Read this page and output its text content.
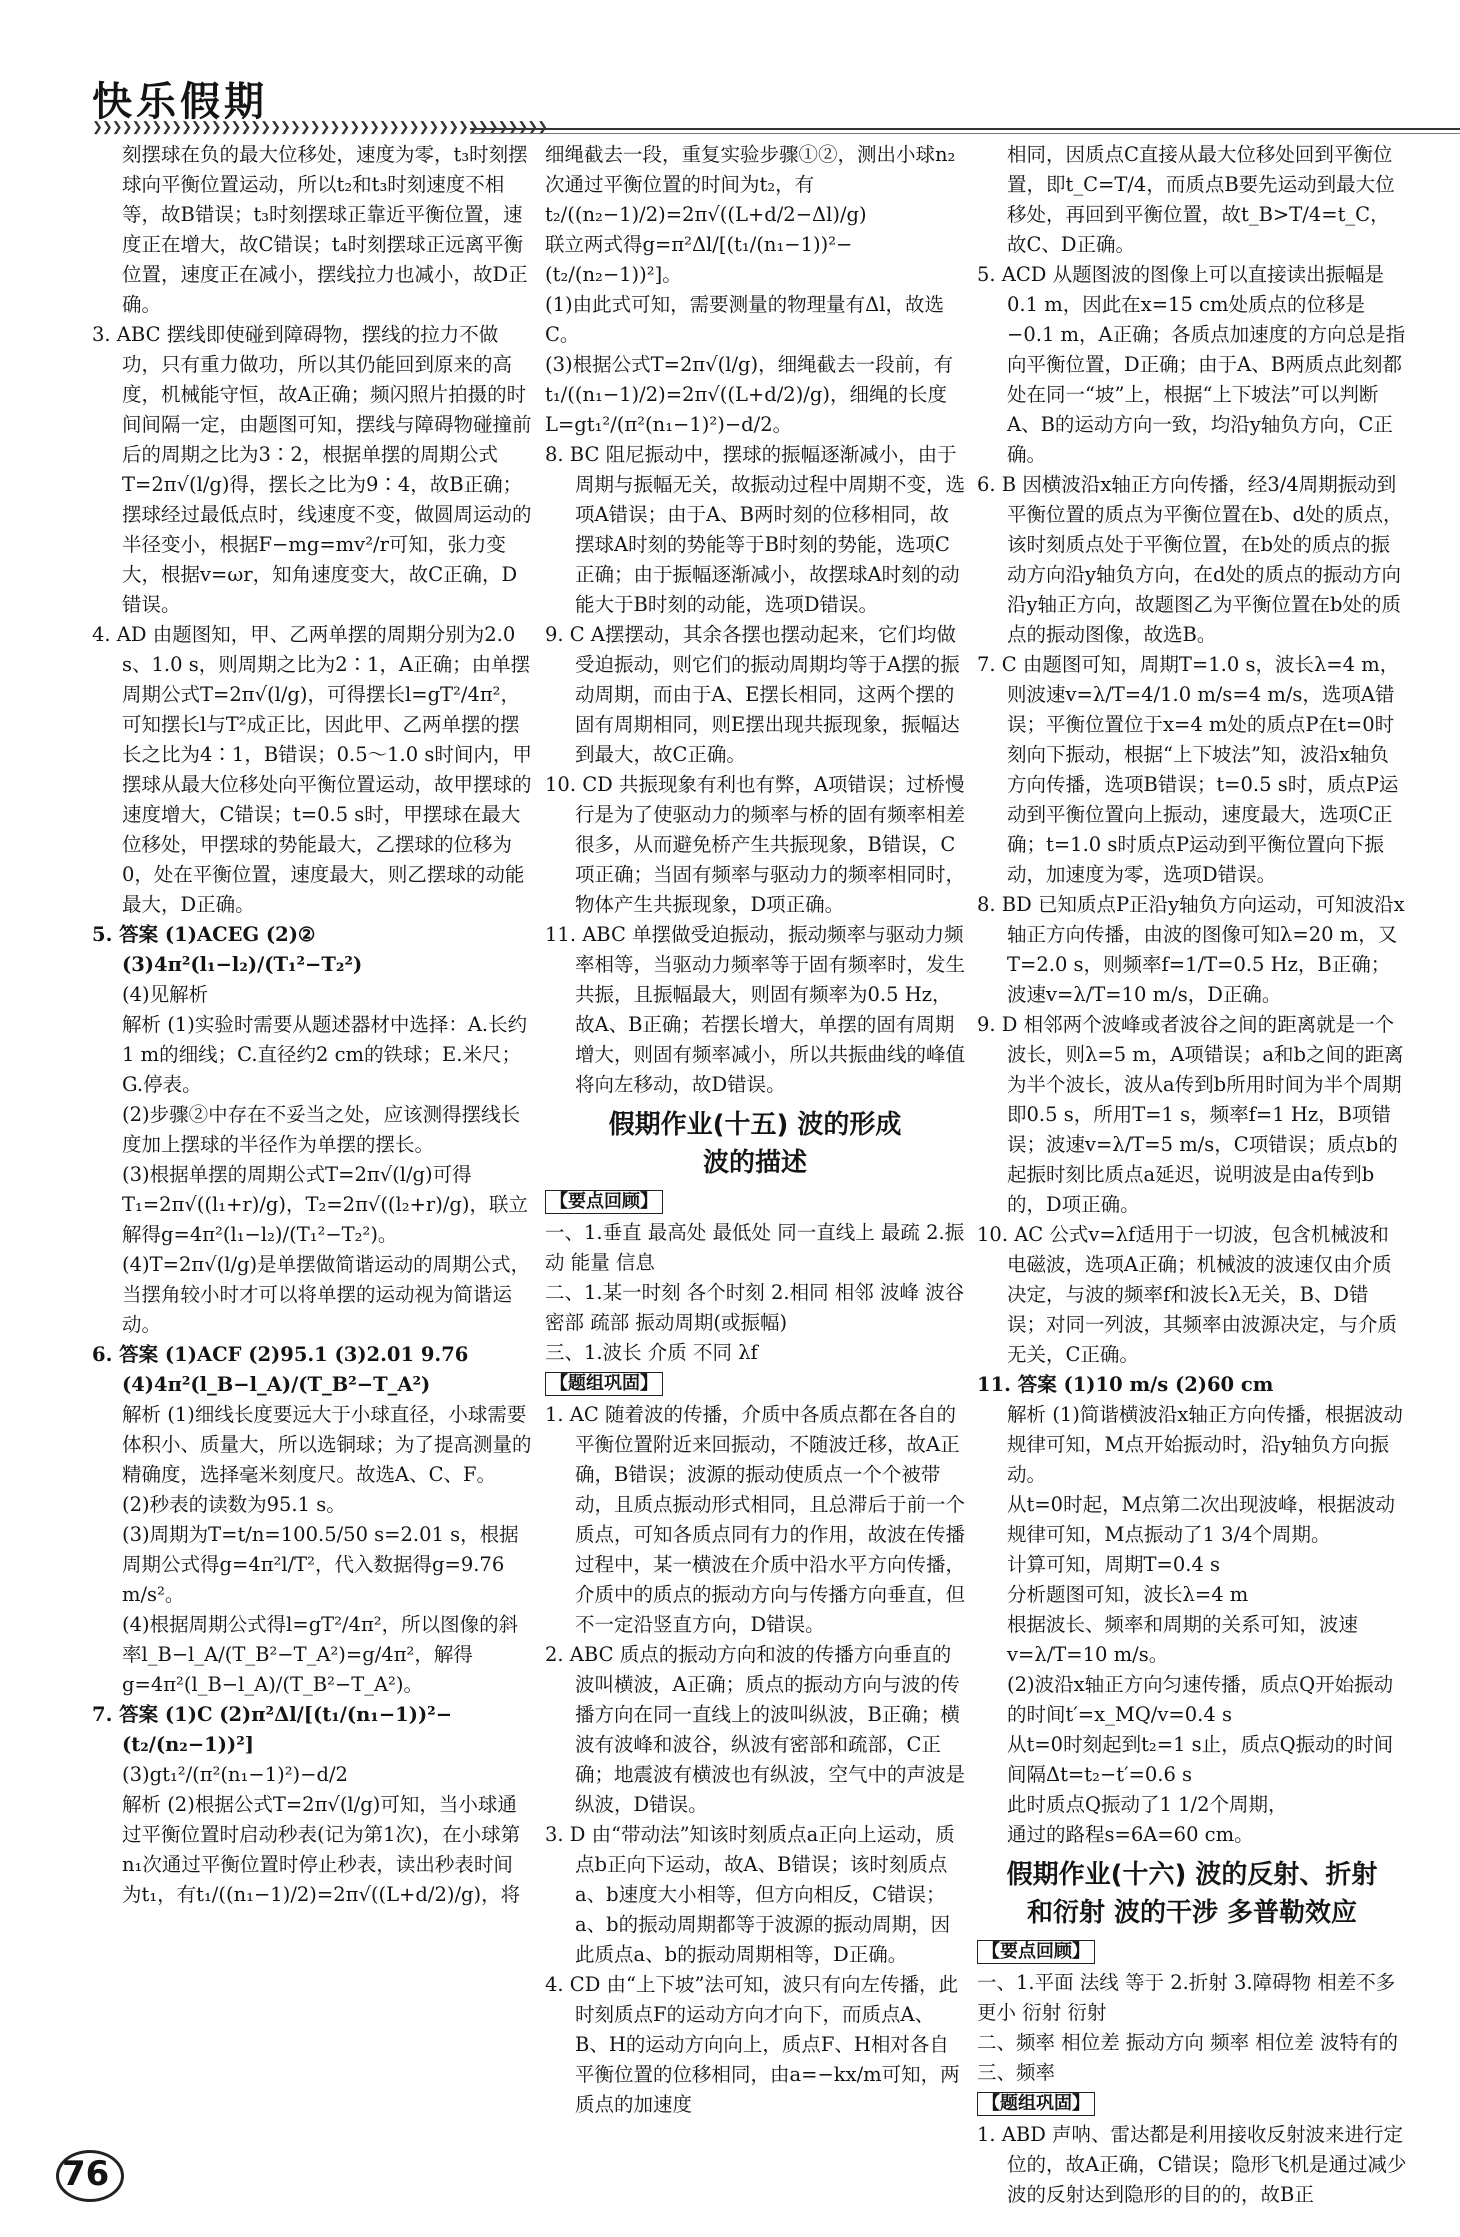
快乐假期
❯❯❯❯❯❯❯❯❯❯❯❯❯❯❯❯❯❯❯❯❯❯❯❯❯❯❯❯❯❯❯❯❯❯❯❯❯❯❯❯❯❯❯❯❯❯

刻摆球在负的最大位移处，速度为零，t₃时刻摆球向平衡位置运动，所以t₂和t₃时刻速度不相等，故B错误；t₃时刻摆球正靠近平衡位置，速度正在增大，故C错误；t₄时刻摆球正远离平衡位置，速度正在减小，摆线拉力也减小，故D正确。

3. ABC 摆线即使碰到障碍物，摆线的拉力不做功，只有重力做功，所以其仍能回到原来的高度，机械能守恒，故A正确；频闪照片拍摄的时间间隔一定，由题图可知，摆线与障碍物碰撞前后的周期之比为3∶2，根据单摆的周期公式T=2π√(l/g)得，摆长之比为9∶4，故B正确；摆球经过最低点时，线速度不变，做圆周运动的半径变小，根据F−mg=mv²/r可知，张力变大，根据v=ωr，知角速度变大，故C正确，D错误。

4. AD 由题图知，甲、乙两单摆的周期分别为2.0 s、1.0 s，则周期之比为2∶1，A正确；由单摆周期公式T=2π√(l/g)，可得摆长l=gT²/4π²，可知摆长l与T²成正比，因此甲、乙两单摆的摆长之比为4∶1，B错误；0.5～1.0 s时间内，甲摆球从最大位移处向平衡位置运动，故甲摆球的速度增大，C错误；t=0.5 s时，甲摆球在最大位移处，甲摆球的势能最大，乙摆球的位移为0，处在平衡位置，速度最大，则乙摆球的动能最大，D正确。

5. 答案 (1)ACEG (2)② (3)4π²(l₁−l₂)/(T₁²−T₂²)

(4)见解析

解析 (1)实验时需要从题述器材中选择：A.长约1 m的细线；C.直径约2 cm的铁球；E.米尺；G.停表。

(2)步骤②中存在不妥当之处，应该测得摆线长度加上摆球的半径作为单摆的摆长。

(3)根据单摆的周期公式T=2π√(l/g)可得T₁=2π√((l₁+r)/g)，T₂=2π√((l₂+r)/g)，联立解得g=4π²(l₁−l₂)/(T₁²−T₂²)。

(4)T=2π√(l/g)是单摆做简谐运动的周期公式，当摆角较小时才可以将单摆的运动视为简谐运动。

6. 答案 (1)ACF (2)95.1 (3)2.01 9.76 (4)4π²(l_B−l_A)/(T_B²−T_A²)

解析 (1)细线长度要远大于小球直径，小球需要体积小、质量大，所以选铜球；为了提高测量的精确度，选择毫米刻度尺。故选A、C、F。

(2)秒表的读数为95.1 s。

(3)周期为T=t/n=100.5/50 s=2.01 s，根据周期公式得g=4π²l/T²，代入数据得g=9.76 m/s²。

(4)根据周期公式得l=gT²/4π²，所以图像的斜率l_B−l_A/(T_B²−T_A²)=g/4π²，解得g=4π²(l_B−l_A)/(T_B²−T_A²)。

7. 答案 (1)C (2)π²Δl/[(t₁/(n₁−1))²−(t₂/(n₂−1))²]

(3)gt₁²/(π²(n₁−1)²)−d/2

解析 (2)根据公式T=2π√(l/g)可知，当小球通过平衡位置时启动秒表(记为第1次)，在小球第n₁次通过平衡位置时停止秒表，读出秒表时间为t₁，有t₁/((n₁−1)/2)=2π√((L+d/2)/g)，将

细绳截去一段，重复实验步骤①②，测出小球n₂次通过平衡位置的时间为t₂，有t₂/((n₂−1)/2)=2π√((L+d/2−Δl)/g)

联立两式得g=π²Δl/[(t₁/(n₁−1))²−(t₂/(n₂−1))²]。

(1)由此式可知，需要测量的物理量有Δl，故选C。

(3)根据公式T=2π√(l/g)，细绳截去一段前，有t₁/((n₁−1)/2)=2π√((L+d/2)/g)，细绳的长度L=gt₁²/(π²(n₁−1)²)−d/2。

8. BC 阻尼振动中，摆球的振幅逐渐减小，由于周期与振幅无关，故振动过程中周期不变，选项A错误；由于A、B两时刻的位移相同，故摆球A时刻的势能等于B时刻的势能，选项C正确；由于振幅逐渐减小，故摆球A时刻的动能大于B时刻的动能，选项D错误。

9. C A摆摆动，其余各摆也摆动起来，它们均做受迫振动，则它们的振动周期均等于A摆的振动周期，而由于A、E摆长相同，这两个摆的固有周期相同，则E摆出现共振现象，振幅达到最大，故C正确。

10. CD 共振现象有利也有弊，A项错误；过桥慢行是为了使驱动力的频率与桥的固有频率相差很多，从而避免桥产生共振现象，B错误，C项正确；当固有频率与驱动力的频率相同时，物体产生共振现象，D项正确。

11. ABC 单摆做受迫振动，振动频率与驱动力频率相等，当驱动力频率等于固有频率时，发生共振，且振幅最大，则固有频率为0.5 Hz，故A、B正确；若摆长增大，单摆的固有周期增大，则固有频率减小，所以共振曲线的峰值将向左移动，故D错误。

假期作业(十五) 波的形成
波的描述
【要点回顾】

一、1.垂直 最高处 最低处 同一直线上 最疏 2.振动 能量 信息

二、1.某一时刻 各个时刻 2.相同 相邻 波峰 波谷 密部 疏部 振动周期(或振幅)

三、1.波长 介质 不同 λf

【题组巩固】

1. AC 随着波的传播，介质中各质点都在各自的平衡位置附近来回振动，不随波迁移，故A正确，B错误；波源的振动使质点一个个被带动，且质点振动形式相同，且总滞后于前一个质点，可知各质点同有力的作用，故波在传播过程中，某一横波在介质中沿水平方向传播，介质中的质点的振动方向与传播方向垂直，但不一定沿竖直方向，D错误。

2. ABC 质点的振动方向和波的传播方向垂直的波叫横波，A正确；质点的振动方向与波的传播方向在同一直线上的波叫纵波，B正确；横波有波峰和波谷，纵波有密部和疏部，C正确；地震波有横波也有纵波，空气中的声波是纵波，D错误。

3. D 由“带动法”知该时刻质点a正向上运动，质点b正向下运动，故A、B错误；该时刻质点a、b速度大小相等，但方向相反，C错误；a、b的振动周期都等于波源的振动周期，因此质点a、b的振动周期相等，D正确。

4. CD 由“上下坡”法可知，波只有向左传播，此时刻质点F的运动方向才向下，而质点A、B、H的运动方向向上，质点F、H相对各自平衡位置的位移相同，由a=−kx/m可知，两质点的加速度

相同，因质点C直接从最大位移处回到平衡位置，即t_C=T/4，而质点B要先运动到最大位移处，再回到平衡位置，故t_B>T/4=t_C，故C、D正确。

5. ACD 从题图波的图像上可以直接读出振幅是0.1 m，因此在x=15 cm处质点的位移是−0.1 m，A正确；各质点加速度的方向总是指向平衡位置，D正确；由于A、B两质点此刻都处在同一“坡”上，根据“上下坡法”可以判断A、B的运动方向一致，均沿y轴负方向，C正确。

6. B 因横波沿x轴正方向传播，经3/4周期振动到平衡位置的质点为平衡位置在b、d处的质点，该时刻质点处于平衡位置，在b处的质点的振动方向沿y轴负方向，在d处的质点的振动方向沿y轴正方向，故题图乙为平衡位置在b处的质点的振动图像，故选B。

7. C 由题图可知，周期T=1.0 s，波长λ=4 m，则波速v=λ/T=4/1.0 m/s=4 m/s，选项A错误；平衡位置位于x=4 m处的质点P在t=0时刻向下振动，根据“上下坡法”知，波沿x轴负方向传播，选项B错误；t=0.5 s时，质点P运动到平衡位置向上振动，速度最大，选项C正确；t=1.0 s时质点P运动到平衡位置向下振动，加速度为零，选项D错误。

8. BD 已知质点P正沿y轴负方向运动，可知波沿x轴正方向传播，由波的图像可知λ=20 m，又T=2.0 s，则频率f=1/T=0.5 Hz，B正确；波速v=λ/T=10 m/s，D正确。

9. D 相邻两个波峰或者波谷之间的距离就是一个波长，则λ=5 m，A项错误；a和b之间的距离为半个波长，波从a传到b所用时间为半个周期即0.5 s，所用T=1 s，频率f=1 Hz，B项错误；波速v=λ/T=5 m/s，C项错误；质点b的起振时刻比质点a延迟，说明波是由a传到b的，D项正确。

10. AC 公式v=λf适用于一切波，包含机械波和电磁波，选项A正确；机械波的波速仅由介质决定，与波的频率f和波长λ无关，B、D错误；对同一列波，其频率由波源决定，与介质无关，C正确。

11. 答案 (1)10 m/s (2)60 cm

解析 (1)简谐横波沿x轴正方向传播，根据波动规律可知，M点开始振动时，沿y轴负方向振动。

从t=0时起，M点第二次出现波峰，根据波动规律可知，M点振动了1 3/4个周期。

计算可知，周期T=0.4 s

分析题图可知，波长λ=4 m

根据波长、频率和周期的关系可知，波速v=λ/T=10 m/s。

(2)波沿x轴正方向匀速传播，质点Q开始振动的时间t′=x_MQ/v=0.4 s

从t=0时刻起到t₂=1 s止，质点Q振动的时间间隔Δt=t₂−t′=0.6 s

此时质点Q振动了1 1/2个周期，

通过的路程s=6A=60 cm。

假期作业(十六) 波的反射、折射
和衍射 波的干涉 多普勒效应
【要点回顾】

一、1.平面 法线 等于 2.折射 3.障碍物 相差不多 更小 衍射 衍射

二、频率 相位差 振动方向 频率 相位差 波特有的

三、频率

【题组巩固】

1. ABD 声呐、雷达都是利用接收反射波来进行定位的，故A正确，C错误；隐形飞机是通过减少波的反射达到隐形的目的的，故B正

76
